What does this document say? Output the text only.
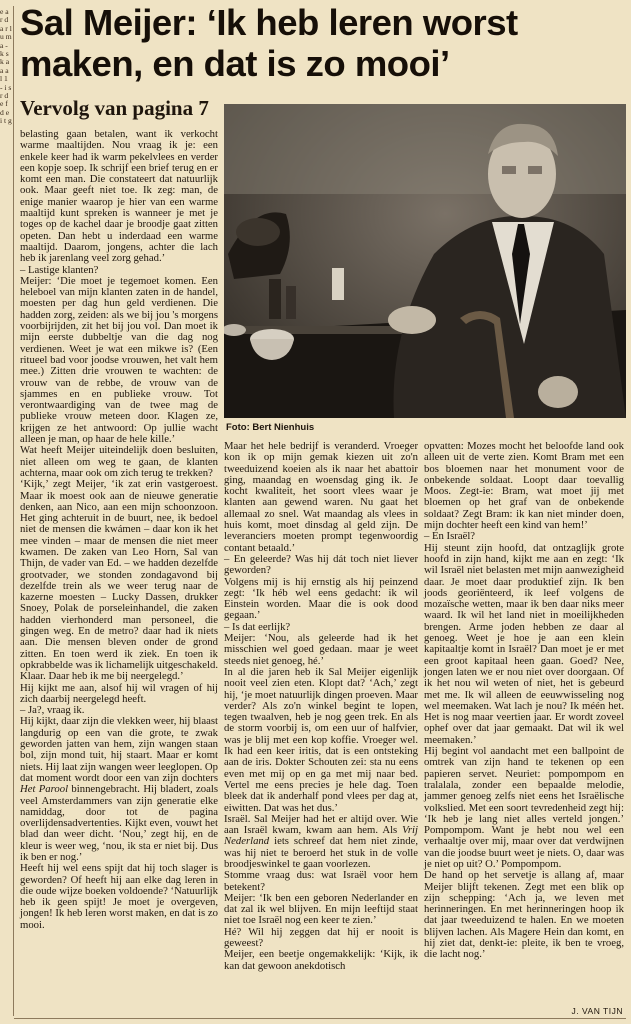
e a r d a r l u m a - k s k a a a l 1 - i s r d e f d e i t g
Sal Meijer: ‘Ik heb leren worst maken, en dat is zo mooi’
Vervolg van pagina 7
Foto: Bert Nienhuis

belasting gaan betalen, want ik verkocht warme maaltijden. Nou vraag ik je: een enkele keer had ik warm pekelvlees en verder een kopje soep. Ik schrijf een brief terug en er komt een man. Die constateert dat natuurlijk ook. Maar geeft niet toe. Ik zeg: man, de enige manier waarop je hier van een warme maaltijd kunt spreken is wanneer je met je toges op de kachel daar je broodje gaat zitten opeten. Dan hebt u inderdaad een warme maaltijd. Daarom, jongens, achter die lach heb ik jarenlang veel zorg gehad.’

– Lastige klanten?

Meijer: ‘Die moet je tegemoet komen. Een heleboel van mijn klanten zaten in de handel, moesten per dag hun geld verdienen. Die hadden zorg, zeiden: als we bij jou 's morgens voorbijrijden, zit het bij jou vol. Dan moet ik mijn eerste dubbeltje van die dag nog verdienen. Weet je wat een mikwe is? (Een ritueel bad voor joodse vrouwen, het valt hem mee.) Zitten drie vrouwen te wachten: de vrouw van de rebbe, de vrouw van de sjammes en en publieke vrouw. Tot verontwaardiging van de twee mag de publieke vrouw meteen door. Klagen ze, krijgen ze het antwoord: Op jullie wacht alleen je man, op haar de hele kille.’

Wat heeft Meijer uiteindelijk doen besluiten, niet alleen om weg te gaan, de klanten achterna, maar ook om zich terug te trekken?

‘Kijk,’ zegt Meijer, ‘ik zat erin vastgeroest. Maar ik moest ook aan de nieuwe generatie denken, aan Nico, aan een mijn schoonzoon. Het ging achteruit in de buurt, nee, ik bedoel niet de mensen die kwámen – daar kon ik het mee vinden – maar de mensen die niet meer kwamen. De zaken van Leo Horn, Sal van Thijn, de vader van Ed. – we hadden dezelfde grootvader, we stonden zondagavond bij dezelfde trein als we weer terug naar de kazerne moesten – Lucky Dassen, drukker Snoey, Polak de porseleinhandel, die zaken hadden vierhonderd man personeel, die gingen weg. En de metro? daar had ik niets aan. Die mensen bleven onder de grond zitten. En toen werd ik ziek. En toen ik opkrabbelde was ik lichamelijk uitgeschakeld. Klaar. Daar heb ik me bij neergelegd.’

Hij kijkt me aan, alsof hij wil vragen of hij zich daarbij neergelegd heeft.

– Ja?, vraag ik.

Hij kijkt, daar zijn die vlekken weer, hij blaast langdurig op een van die grote, te zwak geworden jatten van hem, zijn wangen staan bol, zijn mond tuit, hij staart. Maar er komt niets. Hij laat zijn wangen weer leeglopen. Op dat moment wordt door een van zijn dochters Het Parool binnengebracht. Hij bladert, zoals veel Amsterdammers van zijn generatie elke namiddag, door tot de pagina overlijdensadvertenties. Kijkt even, vouwt het blad dan weer dicht. ‘Nou,’ zegt hij, en de kleur is weer weg, ‘nou, ik sta er niet bij. Dus ik ben er nog.’

Heeft hij wel eens spijt dat hij toch slager is geworden? Of heeft hij aan elke dag leren in die oude wijze boeken voldoende? ‘Natuurlijk heb ik geen spijt! Je moet je overgeven, jongen! Ik heb leren worst maken, en dat is zo mooi.

Maar het hele bedrijf is veranderd. Vroeger kon ik op mijn gemak kiezen uit zo'n tweeduizend koeien als ik naar het abattoir ging, maandag en woensdag ging ik. Je kocht kwaliteit, het soort vlees waar je klanten aan gewend waren. Nu gaat het allemaal zo snel. Wat maandag als vlees in huis komt, moet dinsdag al geld zijn. De leveranciers moeten prompt tegenwoordig contant betaald.’

– En geleerde? Was hij dát toch niet liever geworden?

Volgens mij is hij ernstig als hij peinzend zegt: ‘Ik héb wel eens gedacht: ik wil Einstein worden. Maar die is ook dood gegaan.’

– Is dat eerlijk?

Meijer: ‘Nou, als geleerde had ik het misschien wel goed gedaan. maar je weet steeds niet genoeg, hé.’

In al die jaren heb ik Sal Meijer eigenlijk nooit veel zien eten. Klopt dat? ‘Ach,’ zegt hij, ‘je moet natuurlijk dingen proeven. Maar verder? Als zo'n winkel begint te lopen, tegen twaalven, heb je nog geen trek. En als de storm voorbij is, om een uur of halfvier, was je blij met een kop koffie. Vroeger wel. Ik had een keer iritis, dat is een ontsteking aan de iris. Dokter Schouten zei: sta nu eens even met mij op en ga met mij naar bed. Vertel me eens precies je hele dag. Toen bleek dat ik anderhalf pond vlees per dag at, eiwitten. Dat was het dus.’

Israël. Sal Meijer had het er altijd over. Wie aan Israël kwam, kwam aan hem. Als Vrij Nederland iets schreef dat hem niet zinde, was hij niet te beroerd het stuk in de volle broodjeswinkel te gaan voorlezen.

Stomme vraag dus: wat Israël voor hem betekent?

Meijer: ‘Ik ben een geboren Nederlander en dat zal ik wel blijven. En mijn leeftijd staat niet toe Israël nog een keer te zien.’

Hé? Wil hij zeggen dat hij er nooit is geweest?

Meijer, een beetje ongemakkelijk: ‘Kijk, ik kan dat gewoon anekdotisch

opvatten: Mozes mocht het beloofde land ook alleen uit de verte zien. Komt Bram met een bos bloemen naar het monument voor de onbekende soldaat. Loopt daar toevallig Moos. Zegt-ie: Bram, wat moet jij met bloemen op het graf van de onbekende soldaat? Zegt Bram: ik kan niet minder doen, mijn dochter heeft een kind van hem!’

– En Israël?

Hij steunt zijn hoofd, dat ontzaglijk grote hoofd in zijn hand, kijkt me aan en zegt: ‘Ik wil Israël niet belasten met mijn aanwezigheid daar. Je moet daar produktief zijn. Ik ben joods georiënteerd, ik leef volgens de mozaïsche wetten, maar ik ben daar niks meer waard. Ik wil het land niet in moeilijkheden brengen. Arme joden hebben ze daar al genoeg. Weet je hoe je aan een klein kapitaaltje komt in Israël? Dan moet je er met een groot kapitaal heen gaan. Goed? Nee, jongen laten we er nou niet over doorgaan. Of ik het nou wil weten of niet, het is gebeurd met me. Ik wil alleen de eeuwwisseling nog wel meemaken. Wat lach je nou? Ik méén het. Het is nog maar veertien jaar. Er wordt zoveel ophef over dat jaar gemaakt. Dat wil ik wel meemaken.’

Hij begint vol aandacht met een ballpoint de omtrek van zijn hand te tekenen op een papieren servet. Neuriet: pompompom en tralalala, zonder een bepaalde melodie, jammer genoeg zelfs niet eens het Israëlische volkslied. Met een soort tevredenheid zegt hij: ‘Ik heb je lang niet alles verteld jongen.’ Pompompom. Want je hebt nou wel een verhaaltje over mij, maar over dat verdwijnen van die joodse buurt weet je niets. O, daar was je niet op uit? O.’ Pompompom.

De hand op het servetje is allang af, maar Meijer blijft tekenen. Zegt met een blik op zijn schepping: ‘Ach ja, we leven met herinneringen. En met herinneringen hoop ik dat jaar tweeduizend te halen. En we moeten blijven lachen. Als Magere Hein dan komt, en hij ziet dat, denkt-ie: pleite, ik ben te vroeg, die lacht nog.’

J. VAN TIJN
